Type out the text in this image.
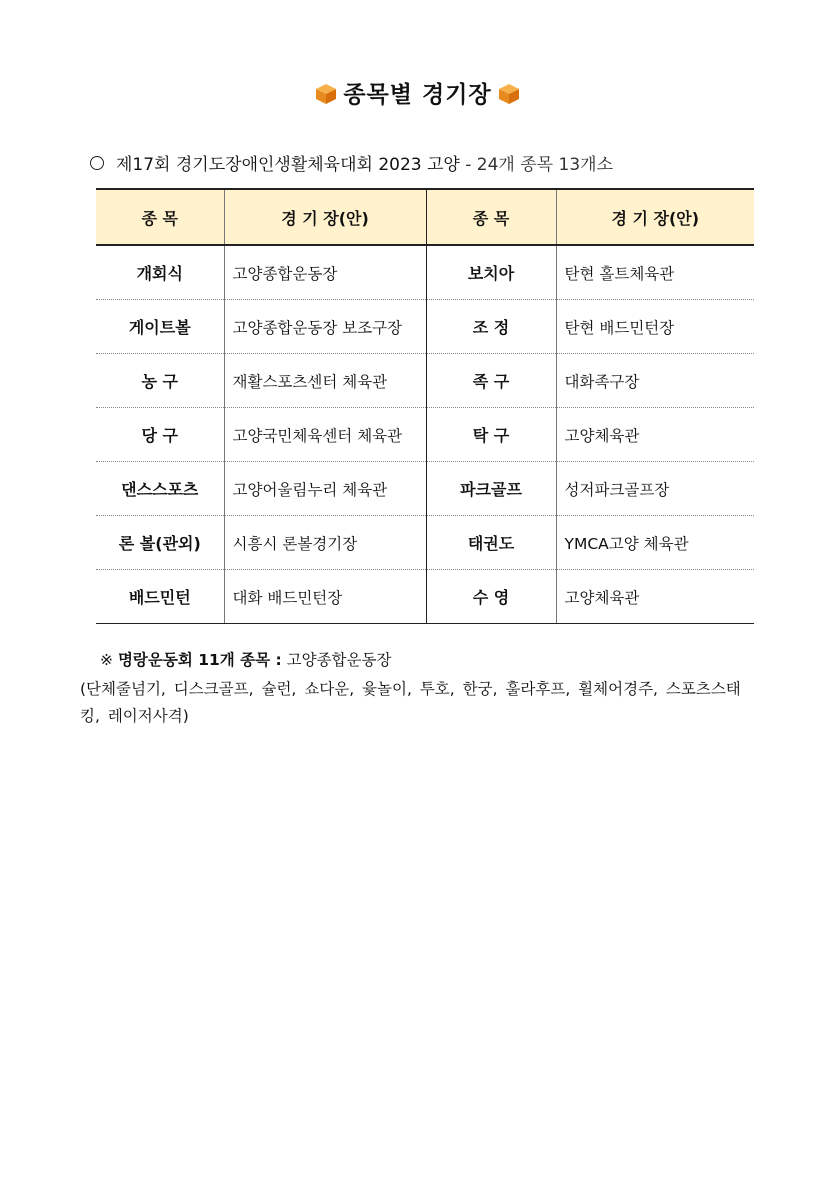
종목별 경기장
제17회 경기도장애인생활체육대회 2023 고양 - 24개 종목 13개소
종 목	경 기 장(안)	종 목	경 기 장(안)
개회식	고양종합운동장	보치아	탄현 홀트체육관
게이트볼	고양종합운동장 보조구장	조 정	탄현 배드민턴장
농 구	재활스포츠센터 체육관	족 구	대화족구장
당 구	고양국민체육센터 체육관	탁 구	고양체육관
댄스스포츠	고양어울림누리 체육관	파크골프	성저파크골프장
론 볼(관외)	시흥시 론볼경기장	태권도	YMCA고양 체육관
배드민턴	대화 배드민턴장	수 영	고양체육관
※ 명랑운동회 11개 종목 : 고양종합운동장
(단체줄넘기, 디스크골프, 슐런, 쇼다운, 윷놀이, 투호, 한궁, 훌라후프, 휠체어경주, 스포츠스태킹, 레이저사격)
